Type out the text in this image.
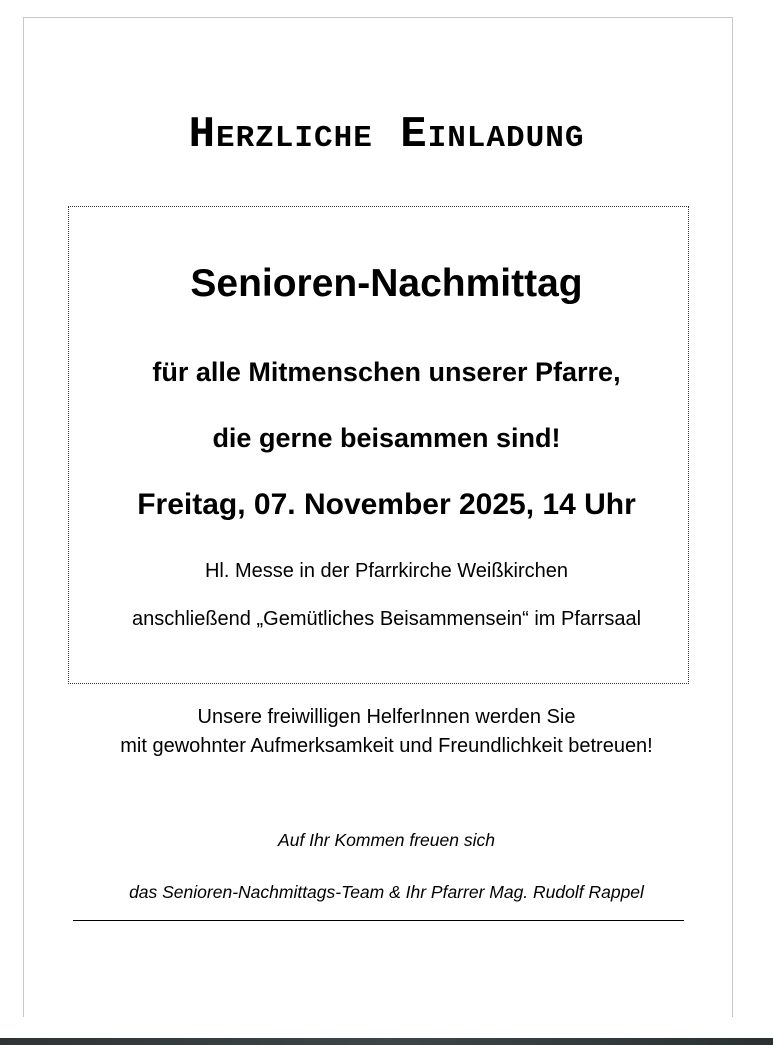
Herzliche Einladung
Senioren-Nachmittag
für alle Mitmenschen unserer Pfarre,
die gerne beisammen sind!
Freitag, 07. November 2025, 14 Uhr
Hl. Messe in der Pfarrkirche Weißkirchen
anschließend „Gemütliches Beisammensein“ im Pfarrsaal
Unsere freiwilligen HelferInnen werden Sie
mit gewohnter Aufmerksamkeit und Freundlichkeit betreuen!
Auf Ihr Kommen freuen sich
das Senioren-Nachmittags-Team & Ihr Pfarrer Mag. Rudolf Rappel
